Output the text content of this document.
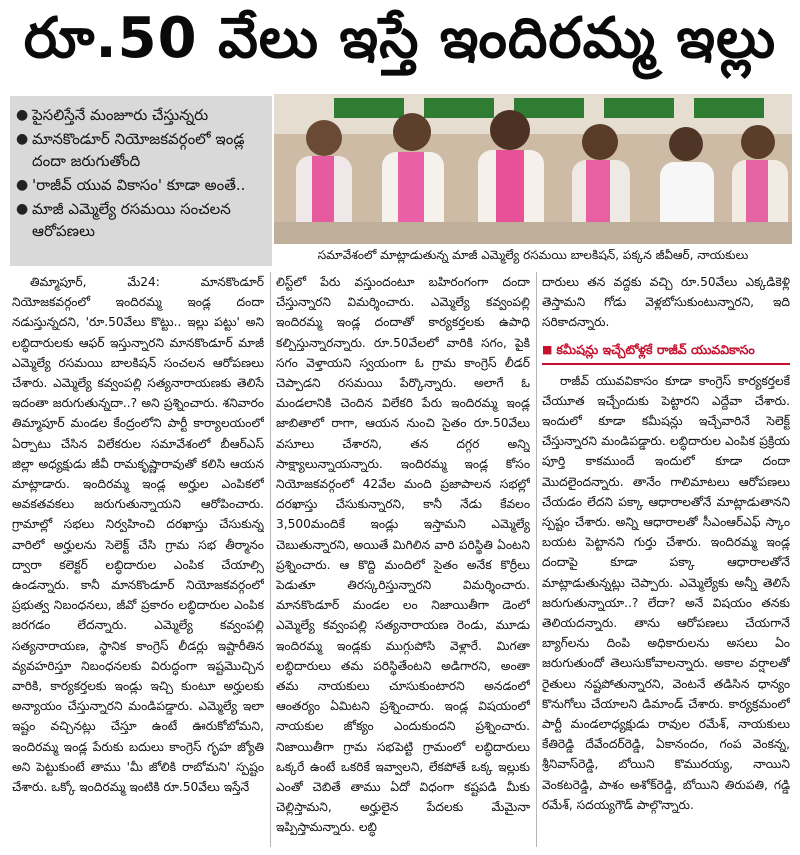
రూ.50 వేలు ఇస్తే ఇందిరమ్మ ఇల్లు
● పైసలిస్తేనే మంజూరు చేస్తున్నరు
● మానకొండూర్ నియోజకవర్గంలో ఇండ్ల దందా జరుగుతోంది
● 'రాజీవ్ యువ వికాసం' కూడా అంతే..
● మాజీ ఎమ్మెల్యే రసమయి సంచలన ఆరోపణలు
సమావేశంలో మాట్లాడుతున్న మాజీ ఎమ్మెల్యే రసమయి బాలకిషన్, పక్కన జీవీఆర్, నాయకులు

తిమ్మాపూర్, మే24: మానకొండూర్ నియోజకవర్గంలో ఇందిరమ్మ ఇండ్ల దందా నడుస్తున్నదని, 'రూ.50వేలు కొట్టు.. ఇల్లు పట్టు' అని లబ్ధిదారులకు ఆఫర్ ఇస్తున్నారని మానకొండూర్ మాజీ ఎమ్మెల్యే రసమయి బాలకిషన్ సంచలన ఆరోపణలు చేశారు. ఎమ్మెల్యే కవ్వంపల్లి సత్యనారాయణకు తెలిసే ఇదంతా జరుగుతున్నదా..? అని ప్రశ్నించారు. శనివారం తిమ్మాపూర్ మండల కేంద్రంలోని పార్టీ కార్యాలయంలో ఏర్పాటు చేసిన విలేకరుల సమావేశంలో బీఆర్ఎస్ జిల్లా అధ్యక్షుడు జీవీ రామకృష్ణారావుతో కలిసి ఆయన మాట్లాడారు. ఇందిరమ్మ ఇండ్ల అర్హుల ఎంపికలో అవకతవకలు జరుగుతున్నాయని ఆరోపించారు. గ్రామాల్లో సభలు నిర్వహించి దరఖాస్తు చేసుకున్న వారిలో అర్హులను సెలెక్ట్ చేసి గ్రామ సభ తీర్మానం ద్వారా కలెక్టర్ లబ్ధిదారుల ఎంపిక చేయాల్సి ఉండన్నారు. కానీ మానకొండూర్ నియోజకవర్గంలో ప్రభుత్వ నిబంధనలు, జీవో ప్రకారం లబ్ధిదారుల ఎంపిక జరగడం లేదన్నారు. ఎమ్మెల్యే కవ్వంపల్లి సత్యనారాయణ, స్థానిక కాంగ్రెస్ లీడర్లు ఇష్టారీతిన వ్యవహరిస్తూ నిబంధనలకు విరుద్ధంగా ఇష్టమొచ్చిన వారికి, కార్యకర్తలకు ఇండ్లు ఇచ్చి కుంటూ అర్హులకు అన్యాయం చేస్తున్నారని మండిపడ్డారు. ఎమ్మెల్యే ఇలా ఇష్టం వచ్చినట్లు చేస్తూ ఉంటే ఊరుకోబోమని, ఇందిరమ్మ ఇండ్ల పేరుకు బదులు కాంగ్రెస్ గృహ జ్యోతి అని పెట్టుకుంటే తాము 'మీ జోలికి రాబోమని' స్పష్టం చేశారు. ఒక్కో ఇందిరమ్మ ఇంటికి రూ.50వేలు ఇస్తేనే

లిస్ట్‌లో పేరు వస్తుందంటూ బహిరంగంగా దందా చేస్తున్నారని విమర్శించారు. ఎమ్మెల్యే కవ్వంపల్లి ఇందిరమ్మ ఇండ్ల దందాతో కార్యకర్తలకు ఉపాధి కల్పిస్తున్నారన్నారు. రూ.50వేలలో వారికి సగం, పైకి సగం వెళ్తాయని స్వయంగా ఓ గ్రామ కాంగ్రెస్ లీడర్ చెప్పాడని రసమయి పేర్కొన్నారు. అలాగే ఓ మండలానికి చెందిన విలేకరి పేరు ఇందిరమ్మ ఇండ్ల జాబితాలో రాగా, ఆయన నుంచి సైతం రూ.50వేలు వసూలు చేశారని, తన దగ్గర అన్ని సాక్ష్యాలున్నాయన్నారు. ఇందిరమ్మ ఇండ్ల కోసం నియోజకవర్గంలో 42వేల మంది ప్రజాపాలన సభల్లో దరఖాస్తు చేసుకున్నారని, కానీ నేడు కేవలం 3,500మందికే ఇండ్లు ఇస్తామని ఎమ్మెల్యే చెబుతున్నారని, అయితే మిగిలిన వారి పరిస్థితి ఏంటని ప్రశ్నించారు. ఆ కొద్ది మందిలో సైతం అనేక కొర్రీలు పెడుతూ తిరస్కరిస్తున్నారని విమర్శించారు. మానకొండూర్ మండల లం నిజాయితీగా డెంలో ఎమ్మెల్యే కవ్వంపల్లి సత్యనారాయణ రెండు, మూడు ఇందిరమ్మ ఇండ్లకు ముగ్గుపోసి వెళ్లారే. మిగతా లబ్ధిదారులు తమ పరిస్థితేంటని అడిగారని, అంతా తమ నాయకులు చూసుకుంటారని అనడంలో ఆంతర్యం ఏమిటని ప్రశ్నించారు. ఇండ్ల విషయంలో నాయకుల జోక్యం ఎందుకుందని ప్రశ్నించారు. నిజాయితీగా గ్రామ సభపెట్టి గ్రామంలో లబ్ధిదారులు ఒక్కరే ఉంటే ఒకరికే ఇవ్వాలని, లేకపోతే ఒక్క ఇల్లుకు ఎంతో చెబితే తాము ఏదో విధంగా కష్టపడి మీకు చెల్లిస్తామని, అర్హులైన పేదలకు మేమైనా ఇప్పిస్తామన్నారు. లబ్ధి

దారులు తన వద్దకు వచ్చి రూ.50వేలు ఎక్కడికెళ్లి తెస్తామని గోడు వెళ్లబోసుకుంటున్నారని, ఇది సరికాదన్నారు.

■ కమీషన్లు ఇచ్చేటోళ్లకే రాజీవ్ యువవికాసం

రాజీవ్ యువవికాసం కూడా కాంగ్రెస్ కార్యకర్తలకే చేయూత ఇచ్చేందుకు పెట్టారని ఎద్దేవా చేశారు. ఇందులో కూడా కమీషన్లు ఇచ్చేవారినే సెలెక్ట్ చేస్తున్నారని మండిపడ్డారు. లబ్ధిదారుల ఎంపిక ప్రక్రియ పూర్తి కాకముందే ఇందులో కూడా దందా మొదలైందన్నారు. తానేం గాలిమాటలు ఆరోపణలు చేయడం లేదని పక్కా ఆధారాలతోనే మాట్లాడుతానని స్పష్టం చేశారు. అన్ని ఆధారాలతో సీఎంఆర్ఎఫ్ స్కాం బయట పెట్టానని గుర్తు చేశారు. ఇందిరమ్మ ఇండ్ల దందాపై కూడా పక్కా ఆధారాలతోనే మాట్లాడుతున్నట్లు చెప్పారు. ఎమ్మెల్యేకు అన్నీ తెలిసే జరుగుతున్నాయా..? లేదా? అనే విషయం తనకు తెలియదన్నారు. తాను ఆరోపణలు చేయగానే బ్యాగ్‌లను దింపి అధికారులను అసలు ఏం జరుగుతుందో తెలుసుకోవాలన్నారు. అకాల వర్షాలతో రైతులు నష్టపోతున్నారని, వెంటనే తడిసిన ధాన్యం కొనుగోలు చేయాలని డిమాండ్ చేశారు. కార్యక్రమంలో పార్టీ మండలాధ్యక్షుడు రావుల రమేశ్, నాయకులు కేతిరెడ్డి దేవేందర్‌రెడ్డి, ఏకానందం, గంప వెంకన్న, శ్రీనివాస్‌రెడ్డి, బోయిని కొమురయ్య, నాయిని వెంకటరెడ్డి, పాశం అశోక్‌రెడ్డి, బోయిని తిరుపతి, గడ్డి రమేశ్, సదయ్యగౌడ్ పాల్గొన్నారు.
